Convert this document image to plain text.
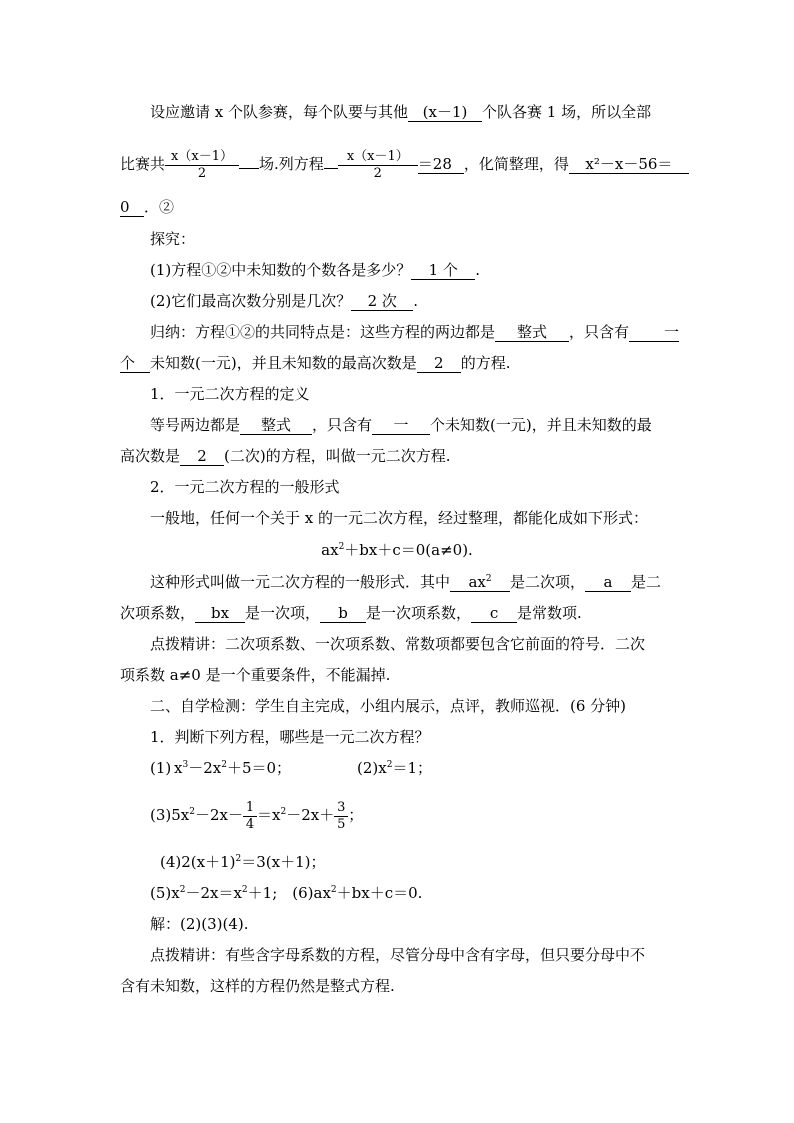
设应邀请 x 个队参赛，每个队要与其他 (x－1) 个队各赛 1 场，所以全部
比赛共 $\frac{x(x-1)}{2}$ 场.列方程 $\frac{x(x-1)}{2} =28$ ，化简整理，得 x²－x－56＝
0 ．②
探究：
(1)方程①②中未知数的个数各是多少？ 1 个 .
(2)它们最高次数分别是几次？ 2 次 .
归纳：方程①②的共同特点是：这些方程的两边都是 整式 ，只含有 一
个 未知数(一元)，并且未知数的最高次数是 2 的方程.
1．一元二次方程的定义
等号两边都是 整式 ，只含有 一 个未知数(一元)，并且未知数的最
高次数是 2 (二次)的方程，叫做一元二次方程.
2．一元二次方程的一般形式
一般地，任何一个关于 x 的一元二次方程，经过整理，都能化成如下形式：
$ax^2+bx+c=0(a\ne 0)$.
这种形式叫做一元二次方程的一般形式．其中 $ax^2$ 是二次项， a 是二
次项系数， bx 是一次项， b 是一次项系数， c 是常数项.
点拨精讲：二次项系数、一次项系数、常数项都要包含它前面的符号．二次
项系数 a≠0 是一个重要条件，不能漏掉.
二、自学检测：学生自主完成，小组内展示，点评，教师巡视．(6 分钟)
1．判断下列方程，哪些是一元二次方程？
$x^3-2x^2+5=0$；	$(2)x^2=1$；
$(3)5x^2-2x- \frac{1}{4} =x^2-2x+ \frac{3}{5}$ ；
$(4)2(x+1)^2=3(x+1)$；
$(5)x^2-2x=x^2+1$;　$(6)ax^2+bx+c=0$.
解：(2)(3)(4).
点拨精讲：有些含字母系数的方程，尽管分母中含有字母，但只要分母中不
含有未知数，这样的方程仍然是整式方程.
(1)
